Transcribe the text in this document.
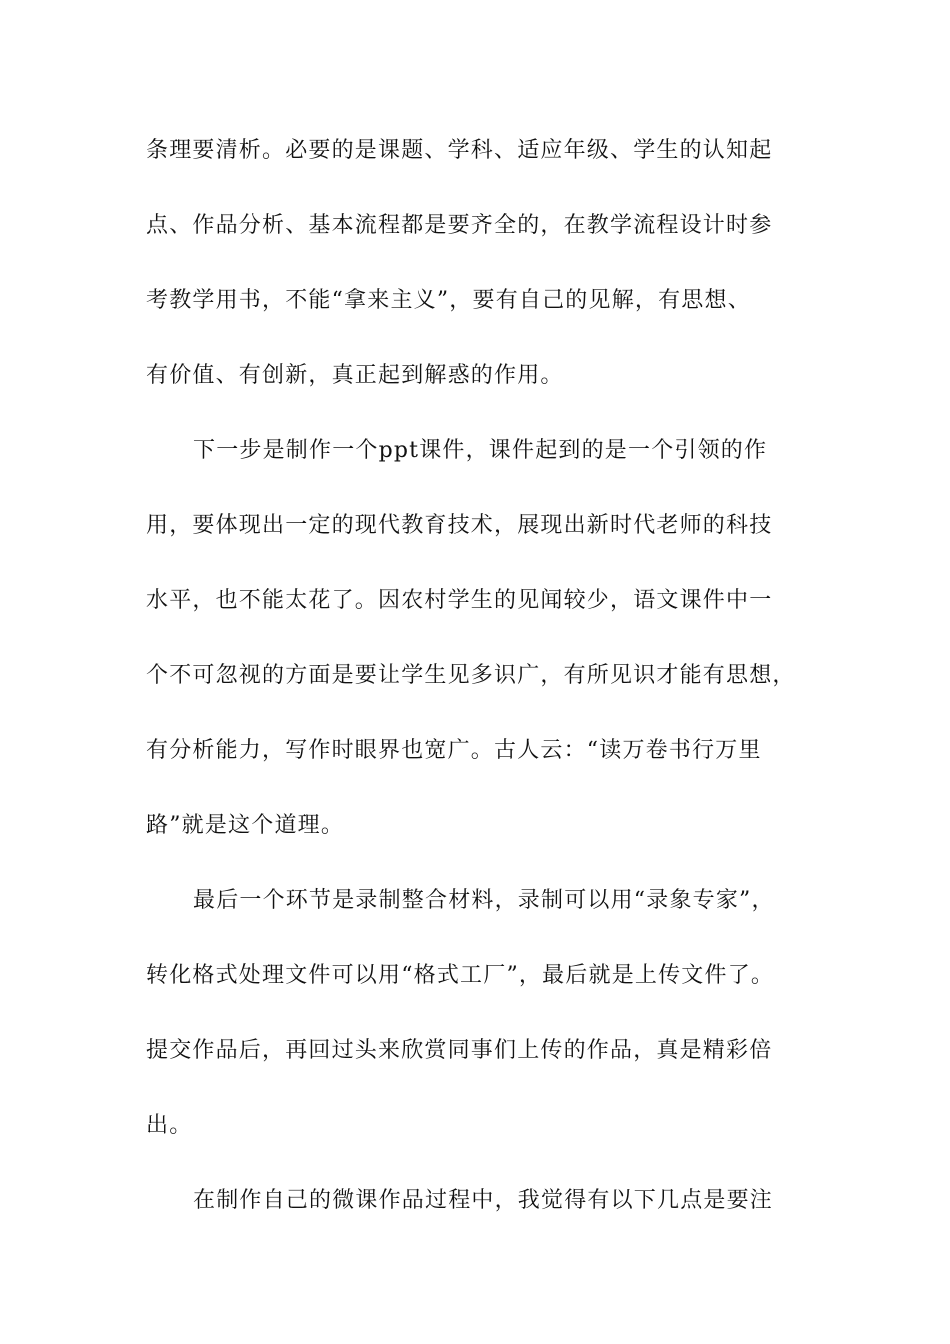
条理要清析。必要的是课题、学科、适应年级、学生的认知起
点、作品分析、基本流程都是要齐全的，在教学流程设计时参
考教学用书，不能“拿来主义”，要有自己的见解，有思想、
有价值、有创新，真正起到解惑的作用。
下一步是制作一个ppt课件，课件起到的是一个引领的作
用，要体现出一定的现代教育技术，展现出新时代老师的科技
水平，也不能太花了。因农村学生的见闻较少，语文课件中一
个不可忽视的方面是要让学生见多识广，有所见识才能有思想，
有分析能力，写作时眼界也宽广。古人云：“读万卷书行万里
路”就是这个道理。
最后一个环节是录制整合材料，录制可以用“录象专家”，
转化格式处理文件可以用“格式工厂”，最后就是上传文件了。
提交作品后，再回过头来欣赏同事们上传的作品，真是精彩倍
出。
在制作自己的微课作品过程中，我觉得有以下几点是要注
